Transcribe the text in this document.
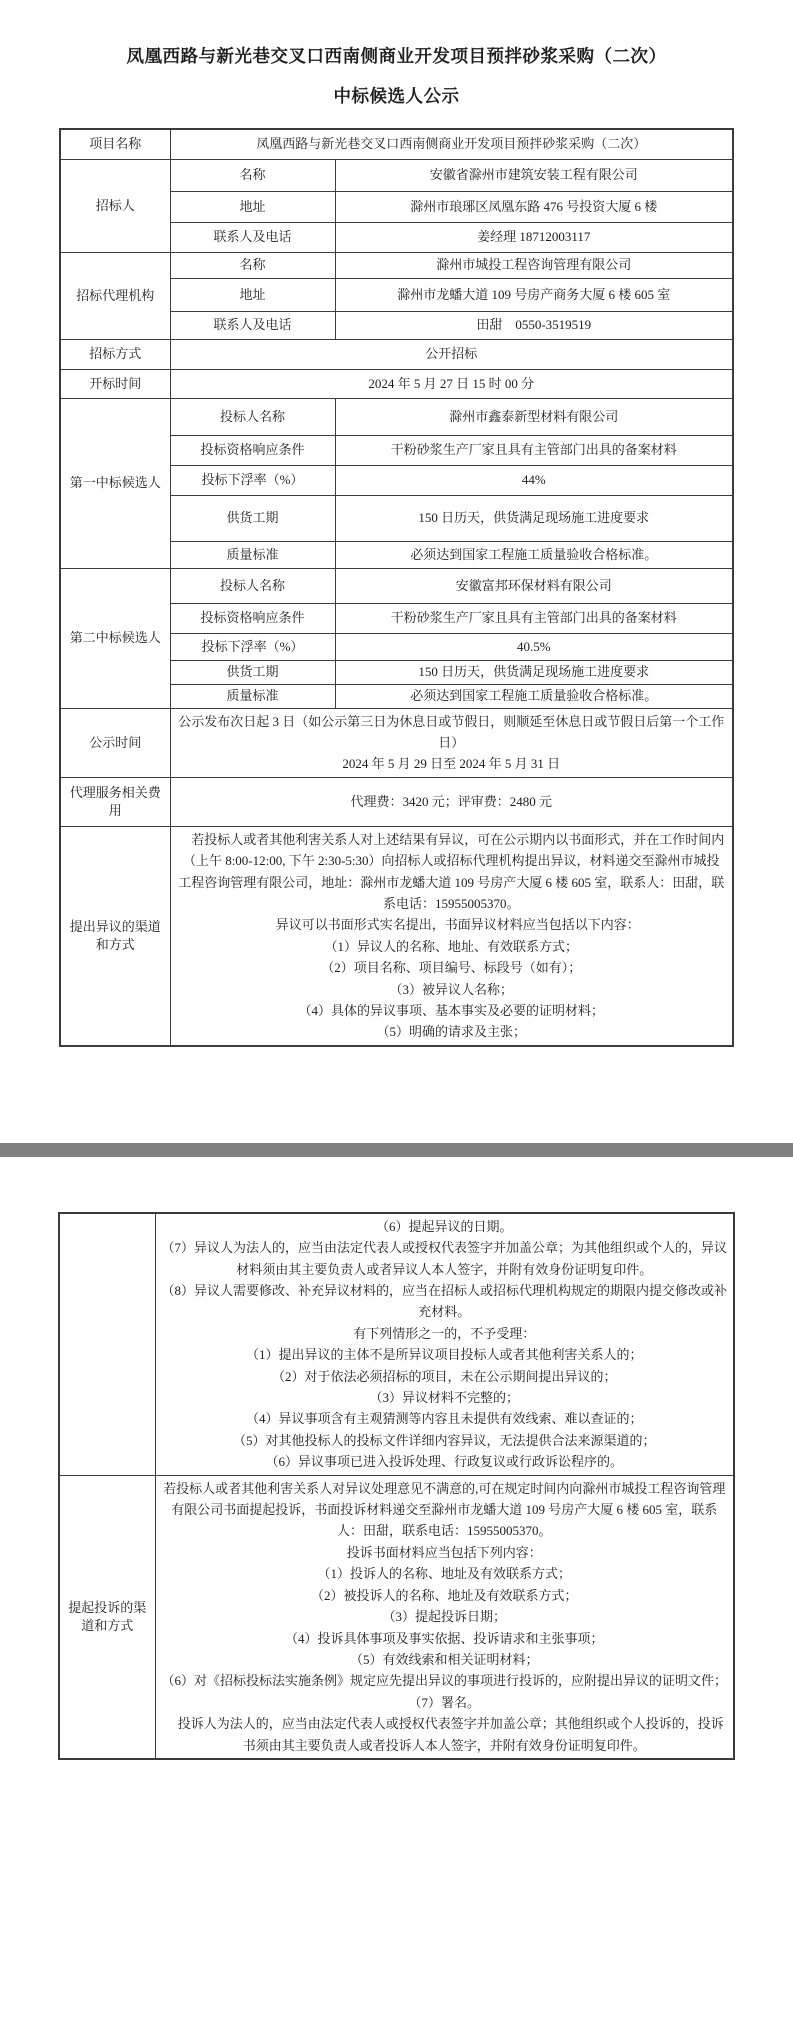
凤凰西路与新光巷交叉口西南侧商业开发项目预拌砂浆采购（二次）
中标候选人公示
项目名称	凤凰西路与新光巷交叉口西南侧商业开发项目预拌砂浆采购（二次）	
招标人	名称	安徽省滁州市建筑安装工程有限公司
	地址	滁州市琅琊区凤凰东路 476 号投资大厦 6 楼
	联系人及电话	姜经理 18712003117
招标代理机构	名称	滁州市城投工程咨询管理有限公司
	地址	滁州市龙蟠大道 109 号房产商务大厦 6 楼 605 室
	联系人及电话	田甜　0550-3519519
招标方式	公开招标	
开标时间	2024 年 5 月 27 日 15 时 00 分	
第一中标候选人	投标人名称	滁州市鑫泰新型材料有限公司
	投标资格响应条件	干粉砂浆生产厂家且具有主管部门出具的备案材料
	投标下浮率（%）	44%
	供货工期	150 日历天，供货满足现场施工进度要求
	质量标准	必须达到国家工程施工质量验收合格标准。
第二中标候选人	投标人名称	安徽富邦环保材料有限公司
	投标资格响应条件	干粉砂浆生产厂家且具有主管部门出具的备案材料
	投标下浮率（%）	40.5%
	供货工期	150 日历天，供货满足现场施工进度要求
	质量标准	必须达到国家工程施工质量验收合格标准。
公示时间	公示发布次日起 3 日（如公示第三日为休息日或节假日，则顺延至休息日或节假日后第一个工作日）
2024 年 5 月 29 日至 2024 年 5 月 31 日	

代理服务相关费用	代理费：3420 元；评审费：2480 元	
提出异议的渠道和方式	
　若投标人或者其他利害关系人对上述结果有异议，可在公示期内以书面形式，并在工作时间内（上午 8:00-12:00, 下午 2:30-5:30）向招标人或招标代理机构提出异议，材料递交至滁州市城投工程咨询管理有限公司，地址：滁州市龙蟠大道 109 号房产大厦 6 楼 605 室，联系人：田甜，联系电话：15955005370。
　异议可以书面形式实名提出，书面异议材料应当包括以下内容：
（1）异议人的名称、地址、有效联系方式；
（2）项目名称、项目编号、标段号（如有）；
（3）被异议人名称；
（4）具体的异议事项、基本事实及必要的证明材料；
（5）明确的请求及主张；

（6）提起异议的日期。
（7）异议人为法人的，应当由法定代表人或授权代表签字并加盖公章；为其他组织或个人的，异议材料须由其主要负责人或者异议人本人签字，并附有效身份证明复印件。
（8）异议人需要修改、补充异议材料的，应当在招标人或招标代理机构规定的期限内提交修改或补充材料。
有下列情形之一的，不予受理：
（1）提出异议的主体不是所异议项目投标人或者其他利害关系人的；
（2）对于依法必须招标的项目，未在公示期间提出异议的；
（3）异议材料不完整的；
（4）异议事项含有主观猜测等内容且未提供有效线索、难以查证的；
（5）对其他投标人的投标文件详细内容异议，无法提供合法来源渠道的；
（6）异议事项已进入投诉处理、行政复议或行政诉讼程序的。

提起投诉的渠道和方式	
若投标人或者其他利害关系人对异议处理意见不满意的,可在规定时间内向滁州市城投工程咨询管理有限公司书面提起投诉，书面投诉材料递交至滁州市龙蟠大道 109 号房产大厦 6 楼 605 室，联系人：田甜，联系电话：15955005370。
投诉书面材料应当包括下列内容：
（1）投诉人的名称、地址及有效联系方式；
（2）被投诉人的名称、地址及有效联系方式；
（3）提起投诉日期；
（4）投诉具体事项及事实依据、投诉请求和主张事项；
（5）有效线索和相关证明材料；
（6）对《招标投标法实施条例》规定应先提出异议的事项进行投诉的，应附提出异议的证明文件；
（7）署名。
　投诉人为法人的，应当由法定代表人或授权代表签字并加盖公章；其他组织或个人投诉的，投诉书须由其主要负责人或者投诉人本人签字，并附有效身份证明复印件。
